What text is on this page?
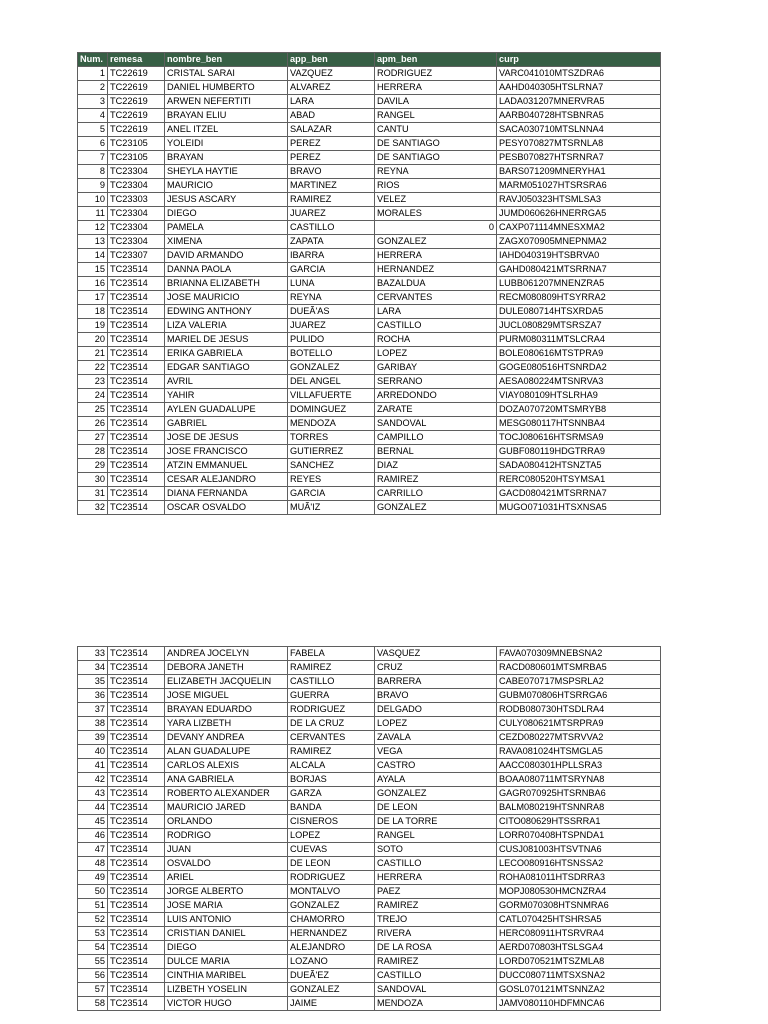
Num.	remesa	nombre_ben	app_ben	apm_ben	curp
1	TC22619	CRISTAL SARAI	VAZQUEZ	RODRIGUEZ	VARC041010MTSZDRA6
2	TC22619	DANIEL HUMBERTO	ALVAREZ	HERRERA	AAHD040305HTSLRNA7
3	TC22619	ARWEN NEFERTITI	LARA	DAVILA	LADA031207MNERVRA5
4	TC22619	BRAYAN ELIU	ABAD	RANGEL	AARB040728HTSBNRA5
5	TC22619	ANEL ITZEL	SALAZAR	CANTU	SACA030710MTSLNNA4
6	TC23105	YOLEIDI	PEREZ	DE SANTIAGO	PESY070827MTSRNLA8
7	TC23105	BRAYAN	PEREZ	DE SANTIAGO	PESB070827HTSRNRA7
8	TC23304	SHEYLA HAYTIE	BRAVO	REYNA	BARS071209MNERYHA1
9	TC23304	MAURICIO	MARTINEZ	RIOS	MARM051027HTSRSRA6
10	TC23303	JESUS ASCARY	RAMIREZ	VELEZ	RAVJ050323HTSMLSA3
11	TC23304	DIEGO	JUAREZ	MORALES	JUMD060626HNERRGA5
12	TC23304	PAMELA	CASTILLO	0	CAXP071114MNESXMA2
13	TC23304	XIMENA	ZAPATA	GONZALEZ	ZAGX070905MNEPNMA2
14	TC23307	DAVID ARMANDO	IBARRA	HERRERA	IAHD040319HTSBRVA0
15	TC23514	DANNA PAOLA	GARCIA	HERNANDEZ	GAHD080421MTSRRNA7
16	TC23514	BRIANNA ELIZABETH	LUNA	BAZALDUA	LUBB061207MNENZRA5
17	TC23514	JOSE MAURICIO	REYNA	CERVANTES	RECM080809HTSYRRA2
18	TC23514	EDWING ANTHONY	DUEÃ'AS	LARA	DULE080714HTSXRDA5
19	TC23514	LIZA VALERIA	JUAREZ	CASTILLO	JUCL080829MTSRSZA7
20	TC23514	MARIEL DE JESUS	PULIDO	ROCHA	PURM080311MTSLCRA4
21	TC23514	ERIKA GABRIELA	BOTELLO	LOPEZ	BOLE080616MTSTPRA9
22	TC23514	EDGAR SANTIAGO	GONZALEZ	GARIBAY	GOGE080516HTSNRDA2
23	TC23514	AVRIL	DEL ANGEL	SERRANO	AESA080224MTSNRVA3
24	TC23514	YAHIR	VILLAFUERTE	ARREDONDO	VIAY080109HTSLRHA9
25	TC23514	AYLEN GUADALUPE	DOMINGUEZ	ZARATE	DOZA070720MTSMRYB8
26	TC23514	GABRIEL	MENDOZA	SANDOVAL	MESG080117HTSNNBA4
27	TC23514	JOSE DE JESUS	TORRES	CAMPILLO	TOCJ080616HTSRMSA9
28	TC23514	JOSE FRANCISCO	GUTIERREZ	BERNAL	GUBF080119HDGTRRA9
29	TC23514	ATZIN EMMANUEL	SANCHEZ	DIAZ	SADA080412HTSNZTA5
30	TC23514	CESAR ALEJANDRO	REYES	RAMIREZ	RERC080520HTSYMSA1
31	TC23514	DIANA FERNANDA	GARCIA	CARRILLO	GACD080421MTSRRNA7
32	TC23514	OSCAR OSVALDO	MUÃ'IZ	GONZALEZ	MUGO071031HTSXNSA5
33	TC23514	ANDREA JOCELYN	FABELA	VASQUEZ	FAVA070309MNEBSNA2
34	TC23514	DEBORA JANETH	RAMIREZ	CRUZ	RACD080601MTSMRBA5
35	TC23514	ELIZABETH JACQUELIN	CASTILLO	BARRERA	CABE070717MSPSRLA2
36	TC23514	JOSE MIGUEL	GUERRA	BRAVO	GUBM070806HTSRRGA6
37	TC23514	BRAYAN EDUARDO	RODRIGUEZ	DELGADO	RODB080730HTSDLRA4
38	TC23514	YARA LIZBETH	DE LA CRUZ	LOPEZ	CULY080621MTSRPRA9
39	TC23514	DEVANY ANDREA	CERVANTES	ZAVALA	CEZD080227MTSRVVA2
40	TC23514	ALAN GUADALUPE	RAMIREZ	VEGA	RAVA081024HTSMGLA5
41	TC23514	CARLOS ALEXIS	ALCALA	CASTRO	AACC080301HPLLSRA3
42	TC23514	ANA GABRIELA	BORJAS	AYALA	BOAA080711MTSRYNA8
43	TC23514	ROBERTO ALEXANDER	GARZA	GONZALEZ	GAGR070925HTSRNBA6
44	TC23514	MAURICIO JARED	BANDA	DE LEON	BALM080219HTSNNRA8
45	TC23514	ORLANDO	CISNEROS	DE LA TORRE	CITO080629HTSSRRA1
46	TC23514	RODRIGO	LOPEZ	RANGEL	LORR070408HTSPNDA1
47	TC23514	JUAN	CUEVAS	SOTO	CUSJ081003HTSVTNA6
48	TC23514	OSVALDO	DE LEON	CASTILLO	LECO080916HTSNSSA2
49	TC23514	ARIEL	RODRIGUEZ	HERRERA	ROHA081011HTSDRRA3
50	TC23514	JORGE ALBERTO	MONTALVO	PAEZ	MOPJ080530HMCNZRA4
51	TC23514	JOSE MARIA	GONZALEZ	RAMIREZ	GORM070308HTSNMRA6
52	TC23514	LUIS ANTONIO	CHAMORRO	TREJO	CATL070425HTSHRSA5
53	TC23514	CRISTIAN DANIEL	HERNANDEZ	RIVERA	HERC080911HTSRVRA4
54	TC23514	DIEGO	ALEJANDRO	DE LA ROSA	AERD070803HTSLSGA4
55	TC23514	DULCE MARIA	LOZANO	RAMIREZ	LORD070521MTSZMLA8
56	TC23514	CINTHIA MARIBEL	DUEÃ'EZ	CASTILLO	DUCC080711MTSXSNA2
57	TC23514	LIZBETH YOSELIN	GONZALEZ	SANDOVAL	GOSL070121MTSNNZA2
58	TC23514	VICTOR HUGO	JAIME	MENDOZA	JAMV080110HDFMNCA6
